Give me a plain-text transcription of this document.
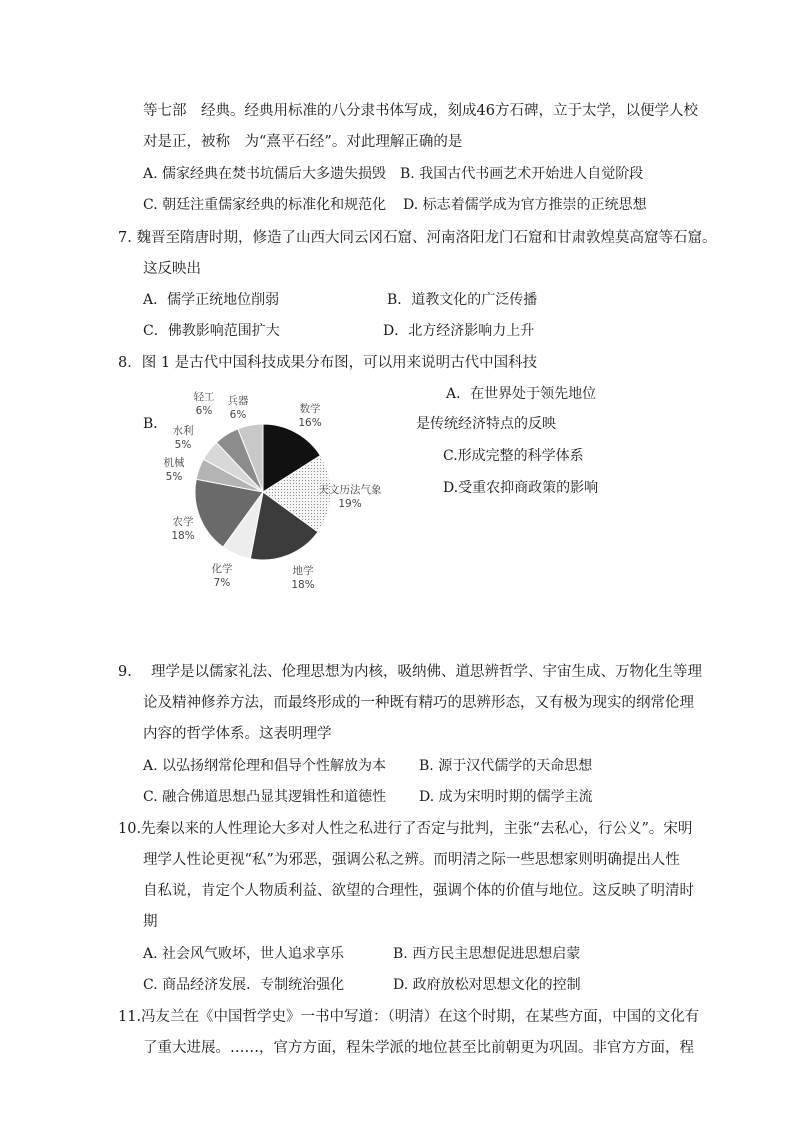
等七部　经典。经典用标准的八分隶书体写成，刻成46方石碑，立于太学，以便学人校
对是正，被称　为“熹平石经”。对此理解正确的是
A. 儒家经典在焚书坑儒后大多遗失损毁 B. 我国古代书画艺术开始进人自觉阶段
C. 朝廷注重儒家经典的标准化和规范化 D. 标志着儒学成为官方推崇的正统思想
7. 魏晋至隋唐时期，修造了山西大同云冈石窟、河南洛阳龙门石窟和甘肃敦煌莫高窟等石窟。
这反映出
A．儒学正统地位削弱	B．道教文化的广泛传播
C．佛教影响范围扩大	D．北方经济影响力上升
8．图 1 是古代中国科技成果分布图，可以用来说明古代中国科技
A．在世界处于领先地位
B．	是传统经济特点的反映
C.形成完整的科学体系
D.受重农抑商政策的影响
数学
16%
天文历法气象
19%
地学
18%
化学
7%
农学
18%
机械
5%
水利
5%
轻工
6%
兵器
6%
9.　 理学是以儒家礼法、伦理思想为内核，吸纳佛、道思辨哲学、宇宙生成、万物化生等理
论及精神修养方法，而最终形成的一种既有精巧的思辨形态，又有极为现实的纲常伦理
内容的哲学体系。这表明理学
A. 以弘扬纲常伦理和倡导个性解放为本 B. 源于汉代儒学的天命思想
C. 融合佛道思想凸显其逻辑性和道德性 D. 成为宋明时期的儒学主流
10.先秦以来的人性理论大多对人性之私进行了否定与批判，主张“去私心，行公义”。宋明
理学人性论更视“私”为邪恶，强调公私之辨。而明清之际一些思想家则明确提出人性
自私说，肯定个人物质利益、欲望的合理性，强调个体的价值与地位。这反映了明清时
期
A. 社会风气败坏，世人追求享乐	B. 西方民主思想促进思想启蒙
C. 商品经济发展．专制统治强化	D. 政府放松对思想文化的控制
11.冯友兰在《中国哲学史》一书中写道：（明清）在这个时期，在某些方面，中国的文化有
了重大进展。……，官方方面，程朱学派的地位甚至比前朝更为巩固。非官方方面，程
